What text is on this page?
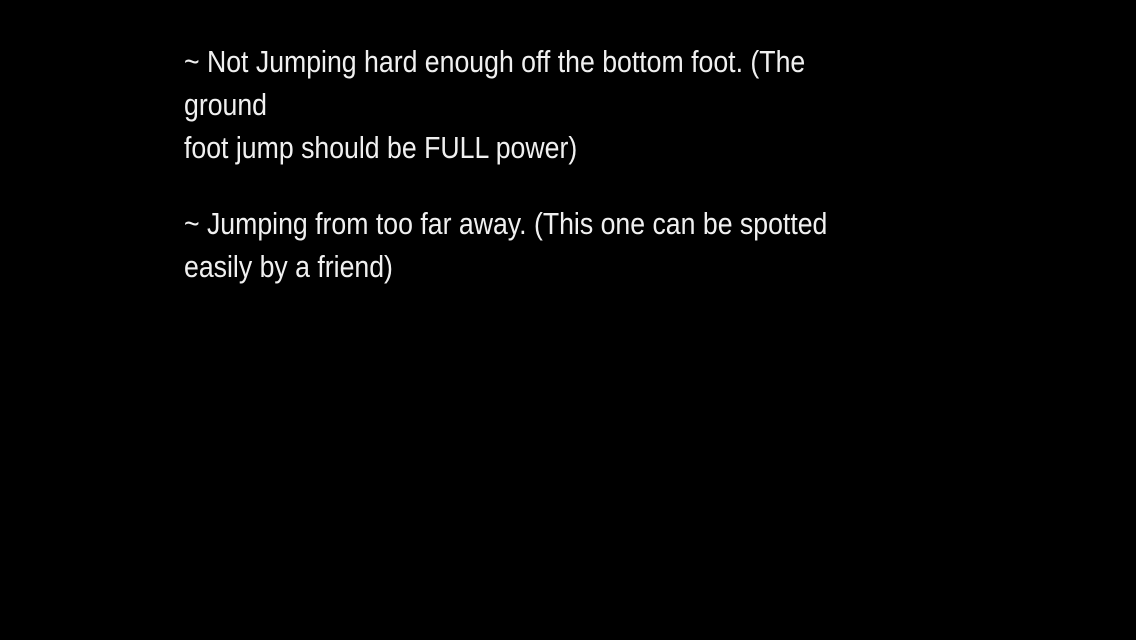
~ Not Jumping hard enough off the bottom foot. (The ground
foot jump should be FULL power)

~ Jumping from too far away. (This one can be spotted
easily by a friend)
